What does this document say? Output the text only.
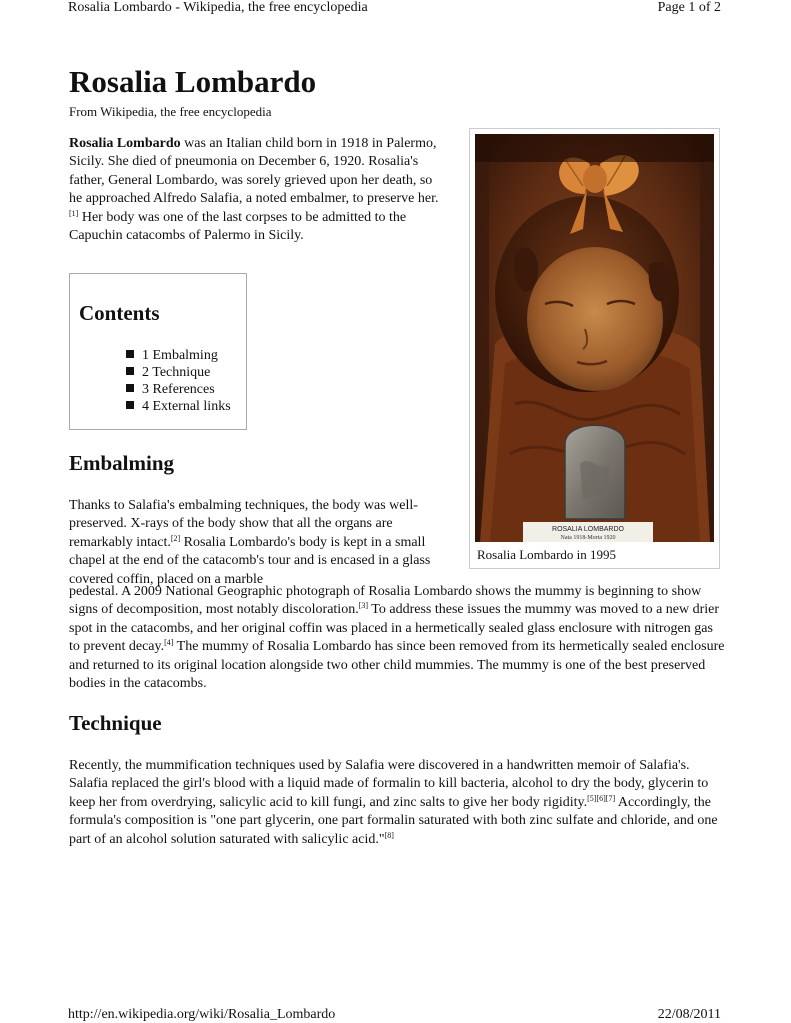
Rosalia Lombardo - Wikipedia, the free encyclopedia	Page 1 of 2
Rosalia Lombardo
From Wikipedia, the free encyclopedia
Rosalia Lombardo was an Italian child born in 1918 in Palermo, Sicily. She died of pneumonia on December 6, 1920. Rosalia's father, General Lombardo, was sorely grieved upon her death, so he approached Alfredo Salafia, a noted embalmer, to preserve her.[1] Her body was one of the last corpses to be admitted to the Capuchin catacombs of Palermo in Sicily.
Contents
1 Embalming
2 Technique
3 References
4 External links
Embalming
Thanks to Salafia's embalming techniques, the body was well-preserved. X-rays of the body show that all the organs are remarkably intact.[2] Rosalia Lombardo's body is kept in a small chapel at the end of the catacomb's tour and is encased in a glass covered coffin, placed on a marble
pedestal. A 2009 National Geographic photograph of Rosalia Lombardo shows the mummy is beginning to show signs of decomposition, most notably discoloration.[3] To address these issues the mummy was moved to a new drier spot in the catacombs, and her original coffin was placed in a hermetically sealed glass enclosure with nitrogen gas to prevent decay.[4] The mummy of Rosalia Lombardo has since been removed from its hermetically sealed enclosure and returned to its original location alongside two other child mummies. The mummy is one of the best preserved bodies in the catacombs.
Technique
Recently, the mummification techniques used by Salafia were discovered in a handwritten memoir of Salafia's. Salafia replaced the girl's blood with a liquid made of formalin to kill bacteria, alcohol to dry the body, glycerin to keep her from overdrying, salicylic acid to kill fungi, and zinc salts to give her body rigidity.[5][6][7] Accordingly, the formula's composition is "one part glycerin, one part formalin saturated with both zinc sulfate and chloride, and one part of an alcohol solution saturated with salicylic acid."[8]
ROSALIA LOMBARDO
Nata 1918-Morta 1920
Rosalia Lombardo in 1995
http://en.wikipedia.org/wiki/Rosalia_Lombardo	22/08/2011
